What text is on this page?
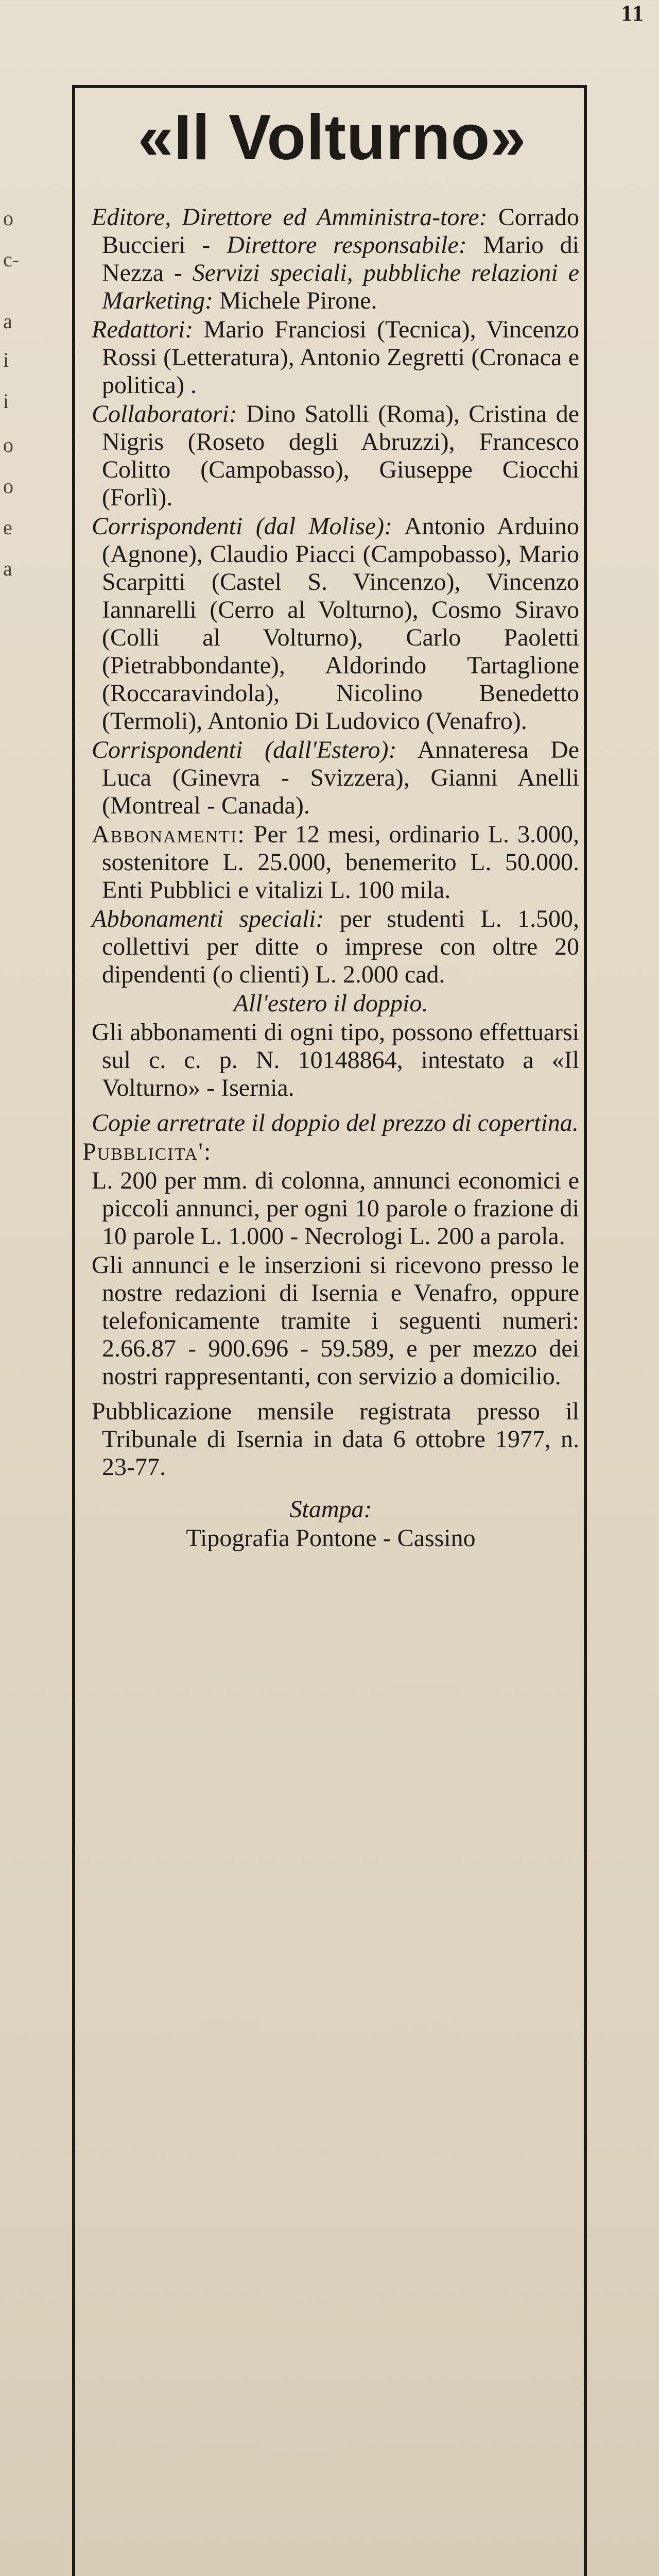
11
o
c-
a
i
i
o
o
e
a
«Il Volturno»

Editore, Direttore ed Amministra-tore: Corrado Buccieri - Direttore responsabile: Mario di Nezza - Servizi speciali, pubbliche relazioni e Marketing: Michele Pirone.

Redattori: Mario Franciosi (Tecnica), Vincenzo Rossi (Letteratura), Antonio Zegretti (Cronaca e politica) .

Collaboratori: Dino Satolli (Roma), Cristina de Nigris (Roseto degli Abruzzi), Francesco Colitto (Campobasso), Giuseppe Ciocchi (Forlì).

Corrispondenti (dal Molise): Antonio Arduino (Agnone), Claudio Piacci (Campobasso), Mario Scarpitti (Castel S. Vincenzo), Vincenzo Iannarelli (Cerro al Volturno), Cosmo Siravo (Colli al Volturno), Carlo Paoletti (Pietrabbondante), Aldorindo Tartaglione (Roccaravindola), Nicolino Benedetto (Termoli), Antonio Di Ludovico (Venafro).

Corrispondenti (dall'Estero): Annateresa De Luca (Ginevra - Svizzera), Gianni Anelli (Montreal - Canada).

Abbonamenti: Per 12 mesi, ordinario L. 3.000, sostenitore L. 25.000, benemerito L. 50.000. Enti Pubblici e vitalizi L. 100 mila.

Abbonamenti speciali: per studenti L. 1.500, collettivi per ditte o imprese con oltre 20 dipendenti (o clienti) L. 2.000 cad.

All'estero il doppio.

Gli abbonamenti di ogni tipo, possono effettuarsi sul c. c. p. N. 10148864, intestato a «Il Volturno» - Isernia.

Copie arretrate il doppio del prezzo di copertina.

Pubblicita':

L. 200 per mm. di colonna, annunci economici e piccoli annunci, per ogni 10 parole o frazione di 10 parole L. 1.000 - Necrologi L. 200 a parola.

Gli annunci e le inserzioni si ricevono presso le nostre redazioni di Isernia e Venafro, oppure telefonicamente tramite i seguenti numeri: 2.66.87 - 900.696 - 59.589, e per mezzo dei nostri rappresentanti, con servizio a domicilio.

Pubblicazione mensile registrata presso il Tribunale di Isernia in data 6 ottobre 1977, n. 23-77.

Stampa:

Tipografia Pontone - Cassino
